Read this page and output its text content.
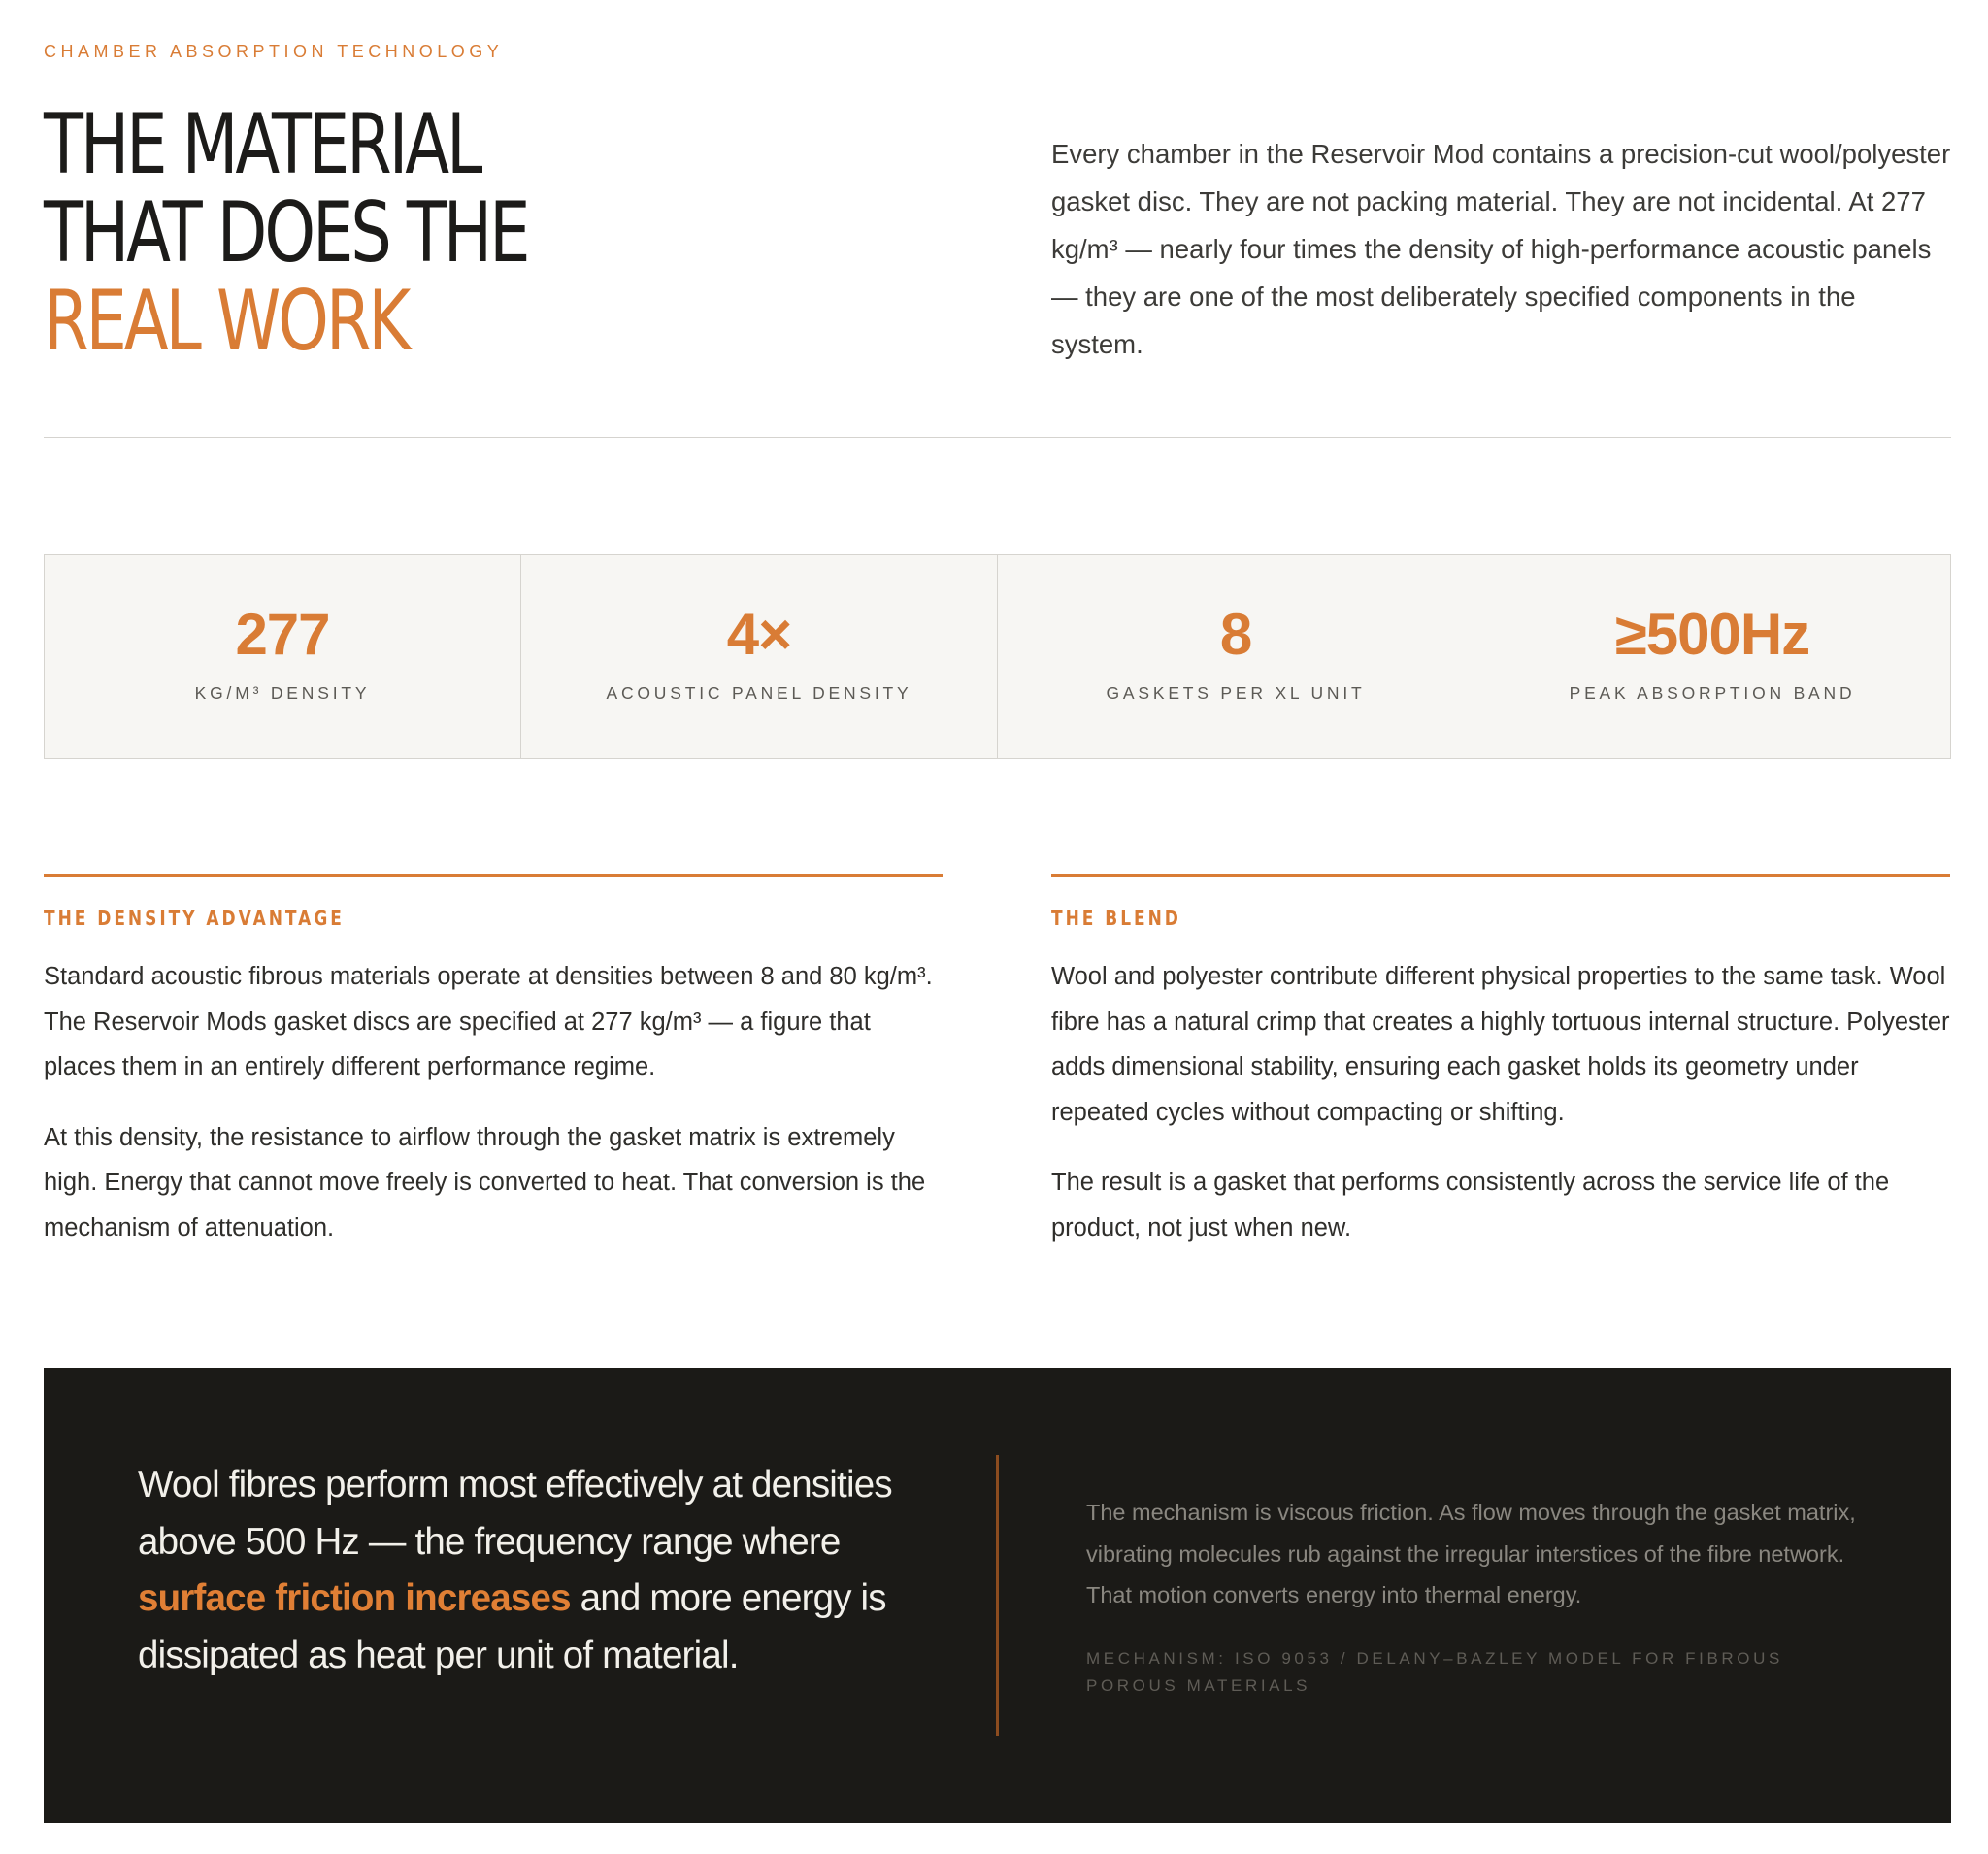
CHAMBER ABSORPTION TECHNOLOGY
THE MATERIAL
THAT DOES THE
REAL WORK

Every chamber in the Reservoir Mod contains a precision-cut wool/polyester gasket disc. They are not packing material. They are not incidental. At 277 kg/m³ — nearly four times the density of high-performance acoustic panels — they are one of the most deliberately specified components in the system.

277
KG/M³ DENSITY
4×
ACOUSTIC PANEL DENSITY
8
GASKETS PER XL UNIT
≥500Hz
PEAK ABSORPTION BAND
THE DENSITY ADVANTAGE

Standard acoustic fibrous materials operate at densities between 8 and 80 kg/m³. The Reservoir Mods gasket discs are specified at 277 kg/m³ — a figure that places them in an entirely different performance regime.

At this density, the resistance to airflow through the gasket matrix is extremely high. Energy that cannot move freely is converted to heat. That conversion is the mechanism of attenuation.

THE BLEND

Wool and polyester contribute different physical properties to the same task. Wool fibre has a natural crimp that creates a highly tortuous internal structure. Polyester adds dimensional stability, ensuring each gasket holds its geometry under repeated cycles without compacting or shifting.

The result is a gasket that performs consistently across the service life of the product, not just when new.

Wool fibres perform most effectively at densities above 500 Hz — the frequency range where surface friction increases and more energy is dissipated as heat per unit of material.

The mechanism is viscous friction. As flow moves through the gasket matrix, vibrating molecules rub against the irregular interstices of the fibre network. That motion converts energy into thermal energy.

MECHANISM: ISO 9053 / DELANY–BAZLEY MODEL FOR FIBROUS POROUS MATERIALS
